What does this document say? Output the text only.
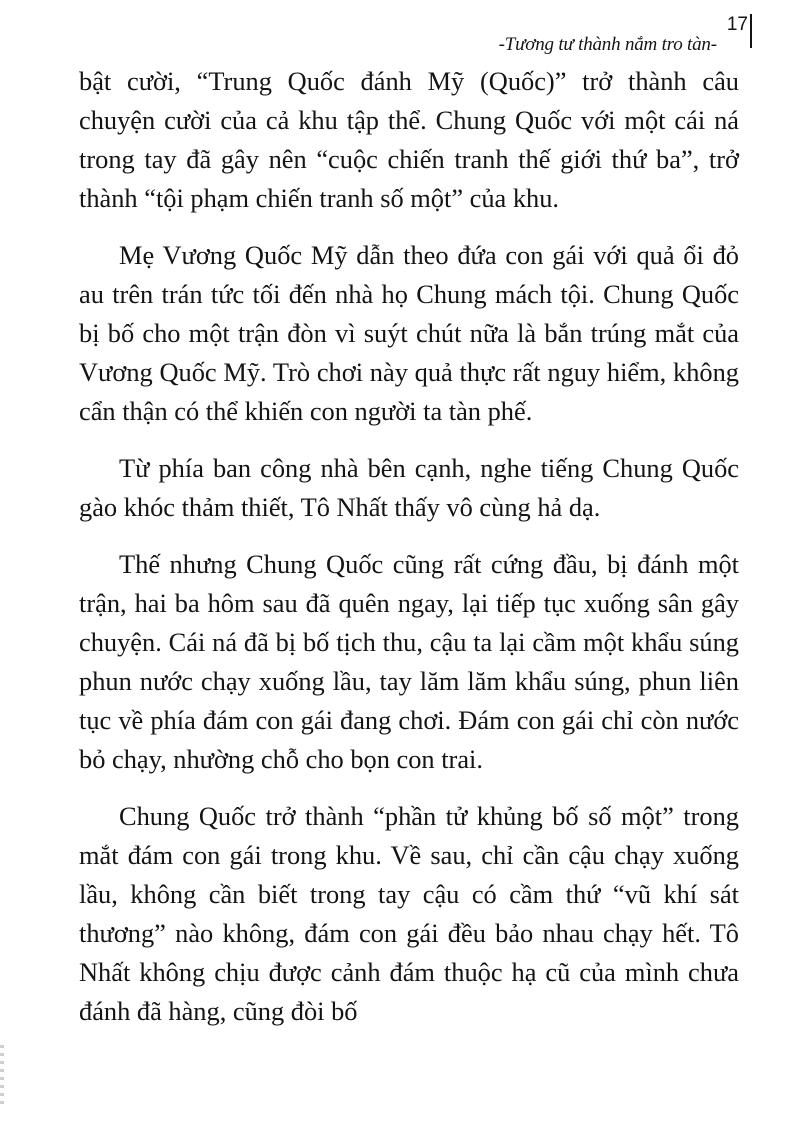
-Tương tư thành nắm tro tàn-
17

bật cười, “Trung Quốc đánh Mỹ (Quốc)” trở thành câu chuyện cười của cả khu tập thể. Chung Quốc với một cái ná trong tay đã gây nên “cuộc chiến tranh thế giới thứ ba”, trở thành “tội phạm chiến tranh số một” của khu.

Mẹ Vương Quốc Mỹ dẫn theo đứa con gái với quả ổi đỏ au trên trán tức tối đến nhà họ Chung mách tội. Chung Quốc bị bố cho một trận đòn vì suýt chút nữa là bắn trúng mắt của Vương Quốc Mỹ. Trò chơi này quả thực rất nguy hiểm, không cẩn thận có thể khiến con người ta tàn phế.

Từ phía ban công nhà bên cạnh, nghe tiếng Chung Quốc gào khóc thảm thiết, Tô Nhất thấy vô cùng hả dạ.

Thế nhưng Chung Quốc cũng rất cứng đầu, bị đánh một trận, hai ba hôm sau đã quên ngay, lại tiếp tục xuống sân gây chuyện. Cái ná đã bị bố tịch thu, cậu ta lại cầm một khẩu súng phun nước chạy xuống lầu, tay lăm lăm khẩu súng, phun liên tục về phía đám con gái đang chơi. Đám con gái chỉ còn nước bỏ chạy, nhường chỗ cho bọn con trai.

Chung Quốc trở thành “phần tử khủng bố số một” trong mắt đám con gái trong khu. Về sau, chỉ cần cậu chạy xuống lầu, không cần biết trong tay cậu có cầm thứ “vũ khí sát thương” nào không, đám con gái đều bảo nhau chạy hết. Tô Nhất không chịu được cảnh đám thuộc hạ cũ của mình chưa đánh đã hàng, cũng đòi bố
